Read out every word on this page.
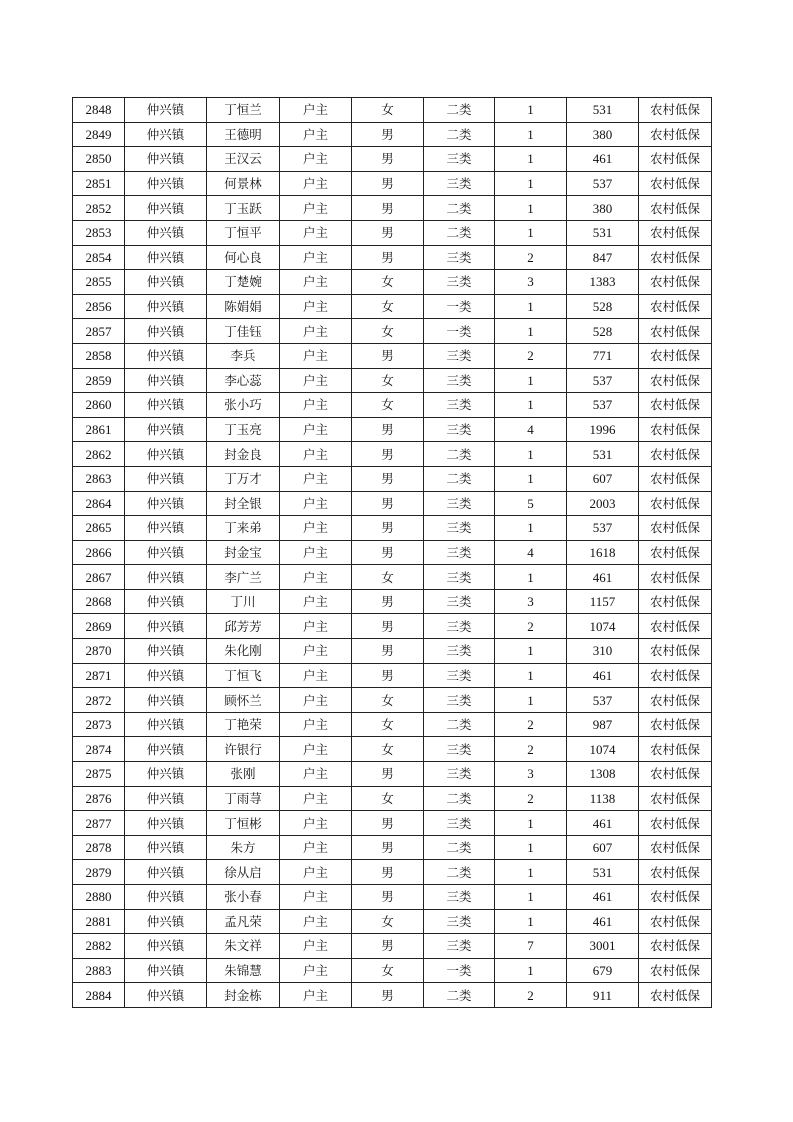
2848	仲兴镇	丁恒兰	户主	女	二类	1	531	农村低保
2849	仲兴镇	王德明	户主	男	二类	1	380	农村低保
2850	仲兴镇	王汉云	户主	男	三类	1	461	农村低保
2851	仲兴镇	何景林	户主	男	三类	1	537	农村低保
2852	仲兴镇	丁玉跃	户主	男	二类	1	380	农村低保
2853	仲兴镇	丁恒平	户主	男	二类	1	531	农村低保
2854	仲兴镇	何心良	户主	男	三类	2	847	农村低保
2855	仲兴镇	丁楚婉	户主	女	三类	3	1383	农村低保
2856	仲兴镇	陈娟娟	户主	女	一类	1	528	农村低保
2857	仲兴镇	丁佳钰	户主	女	一类	1	528	农村低保
2858	仲兴镇	李兵	户主	男	三类	2	771	农村低保
2859	仲兴镇	李心蕊	户主	女	三类	1	537	农村低保
2860	仲兴镇	张小巧	户主	女	三类	1	537	农村低保
2861	仲兴镇	丁玉亮	户主	男	三类	4	1996	农村低保
2862	仲兴镇	封金良	户主	男	二类	1	531	农村低保
2863	仲兴镇	丁万才	户主	男	二类	1	607	农村低保
2864	仲兴镇	封全银	户主	男	三类	5	2003	农村低保
2865	仲兴镇	丁来弟	户主	男	三类	1	537	农村低保
2866	仲兴镇	封金宝	户主	男	三类	4	1618	农村低保
2867	仲兴镇	李广兰	户主	女	三类	1	461	农村低保
2868	仲兴镇	丁川	户主	男	三类	3	1157	农村低保
2869	仲兴镇	邱芳芳	户主	男	三类	2	1074	农村低保
2870	仲兴镇	朱化刚	户主	男	三类	1	310	农村低保
2871	仲兴镇	丁恒飞	户主	男	三类	1	461	农村低保
2872	仲兴镇	顾怀兰	户主	女	三类	1	537	农村低保
2873	仲兴镇	丁艳荣	户主	女	二类	2	987	农村低保
2874	仲兴镇	许银行	户主	女	三类	2	1074	农村低保
2875	仲兴镇	张刚	户主	男	三类	3	1308	农村低保
2876	仲兴镇	丁雨荨	户主	女	二类	2	1138	农村低保
2877	仲兴镇	丁恒彬	户主	男	三类	1	461	农村低保
2878	仲兴镇	朱方	户主	男	二类	1	607	农村低保
2879	仲兴镇	徐从启	户主	男	二类	1	531	农村低保
2880	仲兴镇	张小春	户主	男	三类	1	461	农村低保
2881	仲兴镇	孟凡荣	户主	女	三类	1	461	农村低保
2882	仲兴镇	朱文祥	户主	男	三类	7	3001	农村低保
2883	仲兴镇	朱锦慧	户主	女	一类	1	679	农村低保
2884	仲兴镇	封金栋	户主	男	二类	2	911	农村低保
